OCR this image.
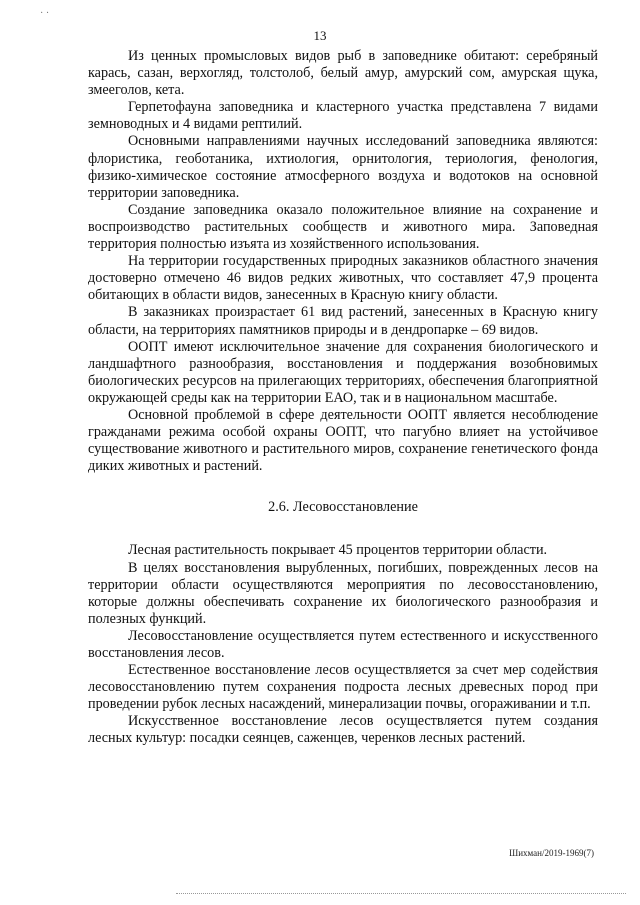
· ·
13

Из ценных промысловых видов рыб в заповеднике обитают: серебряный карась, сазан, верхогляд, толстолоб, белый амур, амурский сом, амурская щука, змееголов, кета.

Герпетофауна заповедника и кластерного участка представлена 7 видами земноводных и 4 видами рептилий.

Основными направлениями научных исследований заповедника являются: флористика, геоботаника, ихтиология, орнитология, териология, фенология, физико-химическое состояние атмосферного воздуха и водотоков на основной территории заповедника.

Создание заповедника оказало положительное влияние на сохранение и воспроизводство растительных сообществ и животного мира. Заповедная территория полностью изъята из хозяйственного использования.

На территории государственных природных заказников областного значения достоверно отмечено 46 видов редких животных, что составляет 47,9 процента обитающих в области видов, занесенных в Красную книгу области.

В заказниках произрастает 61 вид растений, занесенных в Красную книгу области, на территориях памятников природы и в дендропарке – 69 видов.

ООПТ имеют исключительное значение для сохранения биологического и ландшафтного разнообразия, восстановления и поддержания возобновимых биологических ресурсов на прилегающих территориях, обеспечения благоприятной окружающей среды как на территории ЕАО, так и в национальном масштабе.

Основной проблемой в сфере деятельности ООПТ является несоблюдение гражданами режима особой охраны ООПТ, что пагубно влияет на устойчивое существование животного и растительного миров, сохранение генетического фонда диких животных и растений.

2.6. Лесовосстановление

Лесная растительность покрывает 45 процентов территории области.

В целях восстановления вырубленных, погибших, поврежденных лесов на территории области осуществляются мероприятия по лесовосстановлению, которые должны обеспечивать сохранение их биологического разнообразия и полезных функций.

Лесовосстановление осуществляется путем естественного и искусственного восстановления лесов.

Естественное восстановление лесов осуществляется за счет мер содействия лесовосстановлению путем сохранения подроста лесных древесных пород при проведении рубок лесных насаждений, минерализации почвы, огораживании и т.п.

Искусственное восстановление лесов осуществляется путем создания лесных культур: посадки сеянцев, саженцев, черенков лесных растений.

Шихман/2019-1969(7)
